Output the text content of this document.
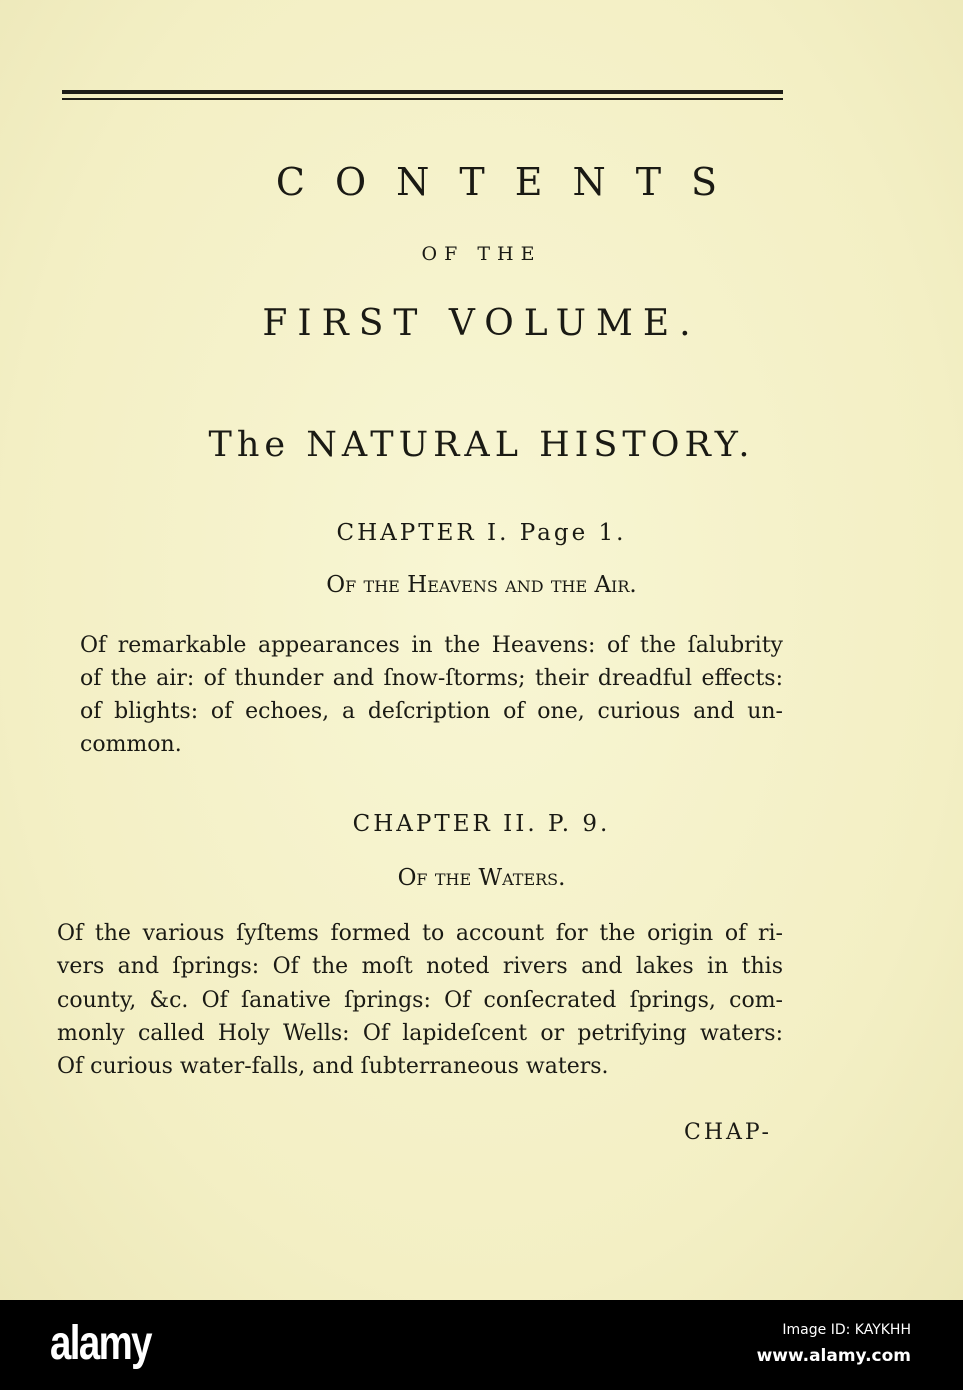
CONTENTS
OF THE
FIRST VOLUME.
The NATURAL HISTORY.
CHAPTER I. Page 1.
Of the Heavens and the Air.
Of remarkable appearances in the Heavens: of the ſalubrity
of the air: of thunder and ſnow-ſtorms; their dreadful effects:
of blights: of echoes, a deſcription of one, curious and un-
common.
CHAPTER II. P. 9.
Of the Waters.
Of the various ſyſtems formed to account for the origin of ri-
vers and ſprings: Of the moſt noted rivers and lakes in this
county, &c. Of ſanative ſprings: Of conſecrated ſprings, com-
monly called Holy Wells: Of lapideſcent or petrifying waters:
Of curious water-falls, and ſubterraneous waters.
CHAP-
alamy	Image ID: KAYKHH
www.alamy.com
